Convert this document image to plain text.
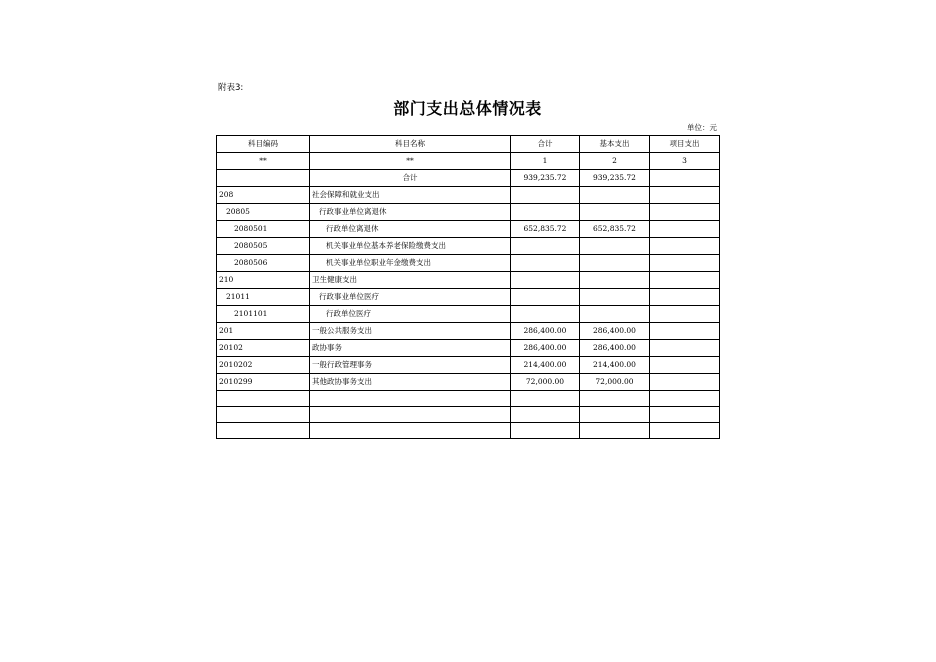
附表3:
部门支出总体情况表
单位：元
科目编码	科目名称	合计	基本支出	项目支出
**	**	1	2	3
	合计	939,235.72	939,235.72	
208	社会保障和就业支出			
20805	行政事业单位离退休			
2080501	行政单位离退休	652,835.72	652,835.72	
2080505	机关事业单位基本养老保险缴费支出			
2080506	机关事业单位职业年金缴费支出			
210	卫生健康支出			
21011	行政事业单位医疗			
2101101	行政单位医疗			
201	一般公共服务支出	286,400.00	286,400.00	
20102	政协事务	286,400.00	286,400.00	
2010202	一般行政管理事务	214,400.00	214,400.00	
2010299	其他政协事务支出	72,000.00	72,000.00	
